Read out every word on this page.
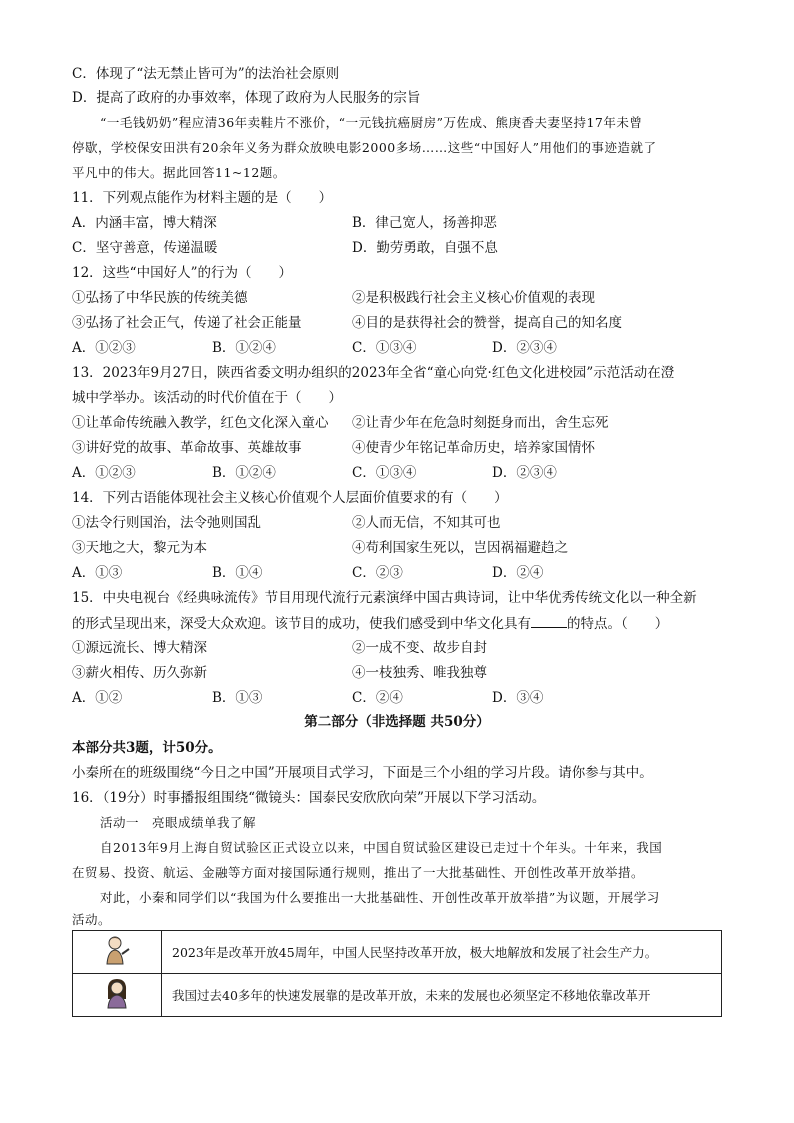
C．体现了“法无禁止皆可为”的法治社会原则
D．提高了政府的办事效率，体现了政府为人民服务的宗旨
“一毛钱奶奶”程应清36年卖鞋片不涨价，“一元钱抗癌厨房”万佐成、熊庚香夫妻坚持17年未曾
停歇，学校保安田洪有20余年义务为群众放映电影2000多场……这些“中国好人”用他们的事迹造就了
平凡中的伟大。据此回答11~12题。
11．下列观点能作为材料主题的是（　　）
A．内涵丰富，博大精深	B．律己宽人，扬善抑恶
C．坚守善意，传递温暖	D．勤劳勇敢，自强不息
12．这些“中国好人”的行为（　　）
①弘扬了中华民族的传统美德	②是积极践行社会主义核心价值观的表现
③弘扬了社会正气，传递了社会正能量	④目的是获得社会的赞誉，提高自己的知名度
A．①②③	B．①②④	C．①③④	D．②③④
13．2023年9月27日，陕西省委文明办组织的2023年全省“童心向党·红色文化进校园”示范活动在澄
城中学举办。该活动的时代价值在于（　　）
①让革命传统融入教学，红色文化深入童心 ②让青少年在危急时刻挺身而出，舍生忘死
③讲好党的故事、革命故事、英雄故事	④使青少年铭记革命历史，培养家国情怀
A．①②③	B．①②④	C．①③④	D．②③④
14．下列古语能体现社会主义核心价值观个人层面价值要求的有（　　）
①法令行则国治，法令弛则国乱	②人而无信，不知其可也
③天地之大，黎元为本	④苟利国家生死以，岂因祸福避趋之
A．①③	B．①④	C．②③	D．②④
15．中央电视台《经典咏流传》节目用现代流行元素演绎中国古典诗词，让中华优秀传统文化以一种全新
的形式呈现出来，深受大众欢迎。该节目的成功，使我们感受到中华文化具有	的特点。（　　）
①源远流长、博大精深	②一成不变、故步自封
③薪火相传、历久弥新	④一枝独秀、唯我独尊
A．①②	B．①③	C．②④	D．③④
第二部分（非选择题 共50分）
本部分共3题，计50分。
小秦所在的班级围绕“今日之中国”开展项目式学习，下面是三个小组的学习片段。请你参与其中。
16．（19分）时事播报组围绕“微镜头：国泰民安欣欣向荣”开展以下学习活动。
活动一　亮眼成绩单我了解
自2013年9月上海自贸试验区正式设立以来，中国自贸试验区建设已走过十个年头。十年来，我国
在贸易、投资、航运、金融等方面对接国际通行规则，推出了一大批基础性、开创性改革开放举措。
对此，小秦和同学们以“我国为什么要推出一大批基础性、开创性改革开放举措”为议题，开展学习
活动。
	2023年是改革开放45周年，中国人民坚持改革开放，极大地解放和发展了社会生产力。
	我国过去40多年的快速发展靠的是改革开放，未来的发展也必须坚定不移地依靠改革开
